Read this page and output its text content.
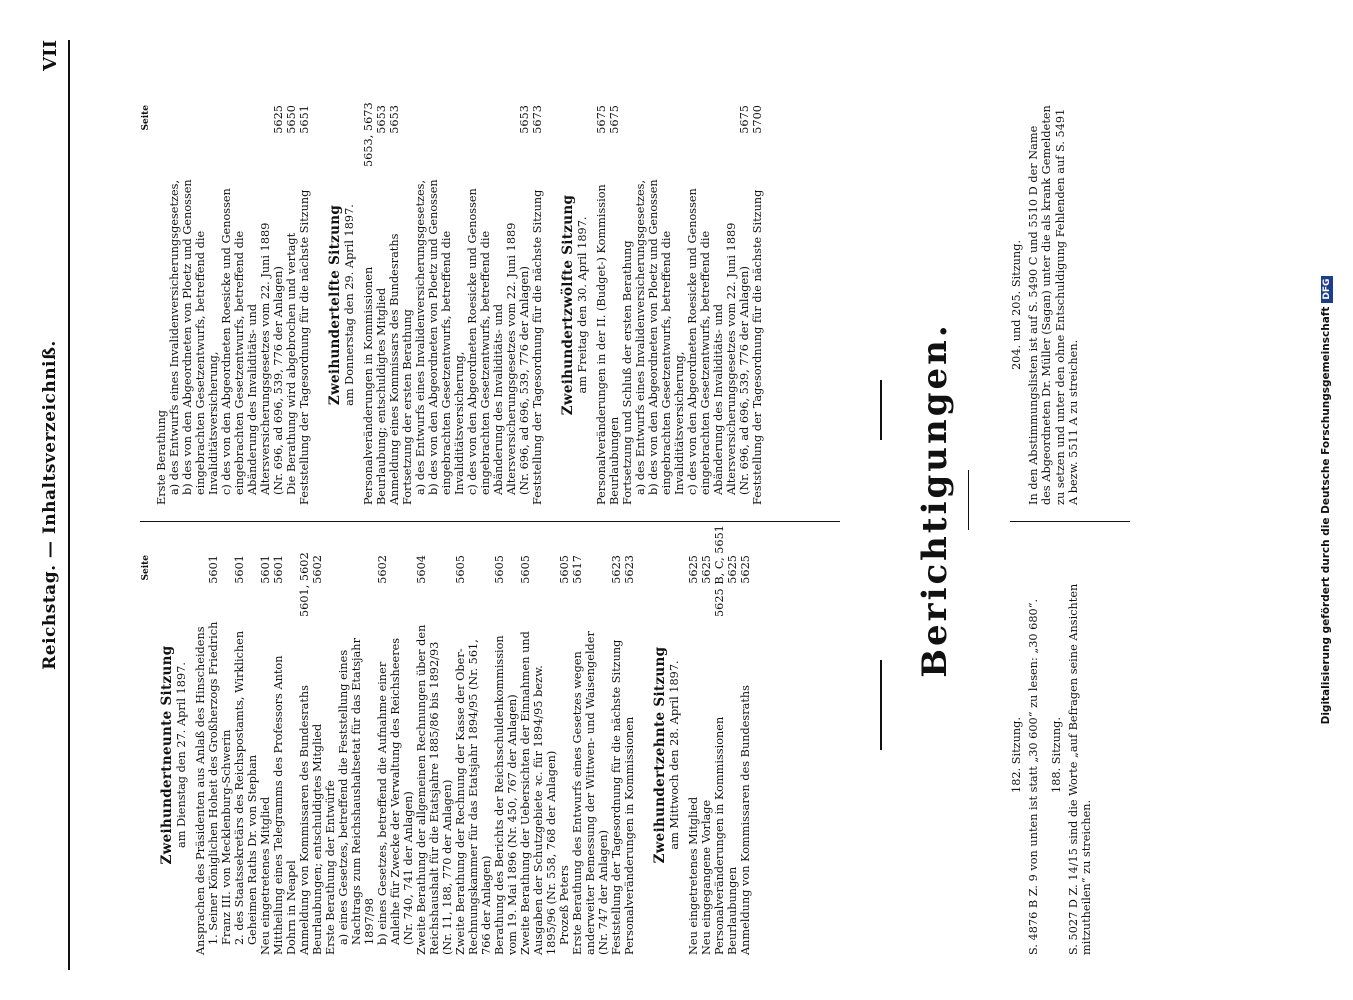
Reichstag. — Inhaltsverzeichniß.
VII
Seite
Zweihundertneunte Sitzung am Dienstag den 27. April 1897. Ansprachen des Präsidenten aus Anlaß des Hinscheidens 1. Seiner Königlichen Hoheit des Großherzogs Friedrich Franz III. von Mecklenburg-Schwerin
5601
2. des Staatssekretärs des Reichspostamts, Wirklichen Geheimen Raths Dr. von Stephan
5601
Neu eingetretenes Mitglied
5601
Mittheilung eines Telegramms des Professors Anton Dohrn in Neapel
5601
Anmeldung von Kommissaren des Bundesraths
5601, 5602
Beurlaubungen; entschuldigtes Mitglied
5602
Erste Berathung der Entwürfe a) eines Gesetzes, betreffend die Feststellung eines Nachtrags zum Reichshaushaltsetat für das Etatsjahr 1897/98 b) eines Gesetzes, betreffend die Aufnahme einer Anleihe für Zwecke der Verwaltung des Reichsheeres (Nr. 740, 741 der Anlagen)
5602
Zweite Berathung der allgemeinen Rechnungen über den Reichshaushalt für die Etatsjahre 1885/86 bis 1892/93 (Nr. 11, 188, 770 der Anlagen)
5604
Zweite Berathung der Rechnung der Kasse der Ober-Rechnungskammer für das Etatsjahr 1894/95 (Nr. 561, 766 der Anlagen)
5605
Berathung des Berichts der Reichsschuldenkommission vom 19. Mai 1896 (Nr. 450, 767 der Anlagen)
5605
Zweite Berathung der Uebersichten der Einnahmen und Ausgaben der Schutzgebiete ꝛc. für 1894/95 bezw. 1895/96 (Nr. 558, 768 der Anlagen)
5605
Prozeß Peters
5605
Erste Berathung des Entwurfs eines Gesetzes wegen anderweiter Bemessung der Wittwen- und Waisengelder (Nr. 747 der Anlagen)
5617
Feststellung der Tagesordnung für die nächste Sitzung
5623
Personalveränderungen in Kommissionen
5623
Zweihundertzehnte Sitzung am Mittwoch den 28. April 1897.
Neu eingetretenes Mitglied
5625
Neu eingegangene Vorlage
5625
Personalveränderungen in Kommissionen
5625 B, C, 5651
Beurlaubungen
5625
Anmeldung von Kommissaren des Bundesraths
5625
Seite
Erste Berathung a) des Entwurfs eines Invalidenversicherungsgesetzes, b) des von den Abgeordneten von Ploetz und Genossen eingebrachten Gesetzentwurfs, betreffend die Invaliditätsversicherung, c) des von den Abgeordneten Roesicke und Genossen eingebrachten Gesetzentwurfs, betreffend die Abänderung des Invaliditäts- und Altersversicherungsgesetzes vom 22. Juni 1889 (Nr. 696, ad 696, 539, 776 der Anlagen)
5625
Die Berathung wird abgebrochen und vertagt
5650
Feststellung der Tagesordnung für die nächste Sitzung
5651
Zweihundertelfte Sitzung am Donnerstag den 29. April 1897. Personalveränderungen in Kommissionen
5653, 5673
Beurlaubung; entschuldigtes Mitglied
5653
Anmeldung eines Kommissars des Bundesraths
5653
Fortsetzung der ersten Berathung a) des Entwurfs eines Invalidenversicherungsgesetzes, b) des von den Abgeordneten von Ploetz und Genossen eingebrachten Gesetzentwurfs, betreffend die Invaliditätsversicherung, c) des von den Abgeordneten Roesicke und Genossen eingebrachten Gesetzentwurfs, betreffend die Abänderung des Invaliditäts- und Altersversicherungsgesetzes vom 22. Juni 1889 (Nr. 696, ad 696, 539, 776 der Anlagen)
5653
Feststellung der Tagesordnung für die nächste Sitzung
5673
Zweihundertzwölfte Sitzung am Freitag den 30. April 1897. Personalveränderungen in der II. (Budget-) Kommission
5675
Beurlaubungen
5675
Fortsetzung und Schluß der ersten Berathung a) des Entwurfs eines Invalidenversicherungsgesetzes, b) des von den Abgeordneten von Ploetz und Genossen eingebrachten Gesetzentwurfs, betreffend die Invaliditätsversicherung, c) des von den Abgeordneten Roesicke und Genossen eingebrachten Gesetzentwurfs, betreffend die Abänderung des Invaliditäts- und Altersversicherungsgesetzes vom 22. Juni 1889 (Nr. 696, ad 696, 539, 776 der Anlagen)
5675
Feststellung der Tagesordnung für die nächste Sitzung
5700
Berichtigungen.
182. Sitzung. S. 4876 B Z. 9 von unten ist statt „30 600“ zu lesen: „30 680“. 188. Sitzung. S. 5027 D Z. 14/15 sind die Worte „auf Befragen seine Ansichten mitzutheilen“ zu streichen.
204. und 205. Sitzung. In den Abstimmungslisten ist auf S. 5490 C und 5510 D der Name des Abgeordneten Dr. Müller (Sagan) unter die als krank Gemeldeten zu setzen und unter den ohne Entschuldigung Fehlenden auf S. 5491 A bezw. 5511 A zu streichen.	Digitalisierung gefördert durch die Deutsche ForschungsgemeinschaftDFG
